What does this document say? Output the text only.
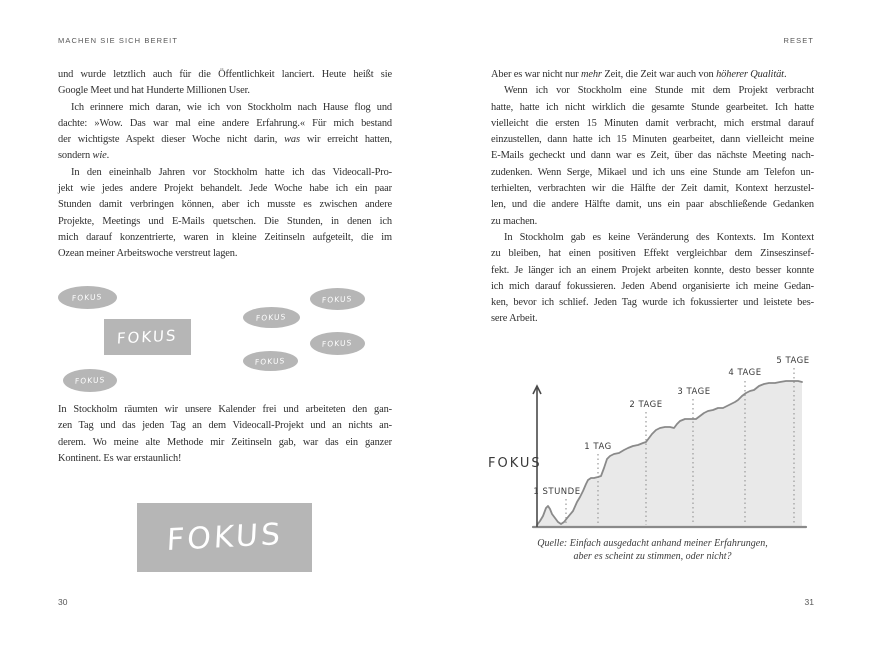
MACHEN SIE SICH BEREIT
und wurde letztlich auch für die Öffentlichkeit lanciert. Heute heißt sie
Google Meet und hat Hunderte Millionen User.
Ich erinnere mich daran, wie ich von Stockholm nach Hause flog und
dachte: »Wow. Das war mal eine andere Erfahrung.« Für mich bestand
der wichtigste Aspekt dieser Woche nicht darin, was wir erreicht hatten,
sondern wie.
In den eineinhalb Jahren vor Stockholm hatte ich das Videocall-Pro-
jekt wie jedes andere Projekt behandelt. Jede Woche habe ich ein paar
Stunden damit verbringen können, aber ich musste es zwischen andere
Projekte, Meetings und E-Mails quetschen. Die Stunden, in denen ich
mich darauf konzentrierte, waren in kleine Zeitinseln aufgeteilt, die im
Ozean meiner Arbeitswoche verstreut lagen.
FOKUS
FOKUS
FOKUS
FOKUS
FOKUS
FOKUS
FOKUS
In Stockholm räumten wir unsere Kalender frei und arbeiteten den gan-
zen Tag und das jeden Tag an dem Videocall-Projekt und an nichts an-
derem. Wo meine alte Methode mir Zeitinseln gab, war das ein ganzer
Kontinent. Es war erstaunlich!
FOKUS
30
RESET
Aber es war nicht nur mehr Zeit, die Zeit war auch von höherer Qualität.
Wenn ich vor Stockholm eine Stunde mit dem Projekt verbracht
hatte, hatte ich nicht wirklich die gesamte Stunde gearbeitet. Ich hatte
vielleicht die ersten 15 Minuten damit verbracht, mich erstmal darauf
einzustellen, dann hatte ich 15 Minuten gearbeitet, dann vielleicht meine
E-Mails gecheckt und dann war es Zeit, über das nächste Meeting nach-
zudenken. Wenn Serge, Mikael und ich uns eine Stunde am Telefon un-
terhielten, verbrachten wir die Hälfte der Zeit damit, Kontext herzustel-
len, und die andere Hälfte damit, uns ein paar abschließende Gedanken
zu machen.
In Stockholm gab es keine Veränderung des Kontexts. Im Kontext
zu bleiben, hat einen positiven Effekt vergleichbar dem Zinseszinsef-
fekt. Je länger ich an einem Projekt arbeiten konnte, desto besser konnte
ich mich darauf fokussieren. Jeden Abend organisierte ich meine Gedan-
ken, bevor ich schlief. Jeden Tag wurde ich fokussierter und leistete bes-
sere Arbeit.
1 STUNDE
1 TAG
2 TAGE
3 TAGE
4 TAGE
5 TAGE
FOKUS
Quelle: Einfach ausgedacht anhand meiner Erfahrungen,
aber es scheint zu stimmen, oder nicht?
31
